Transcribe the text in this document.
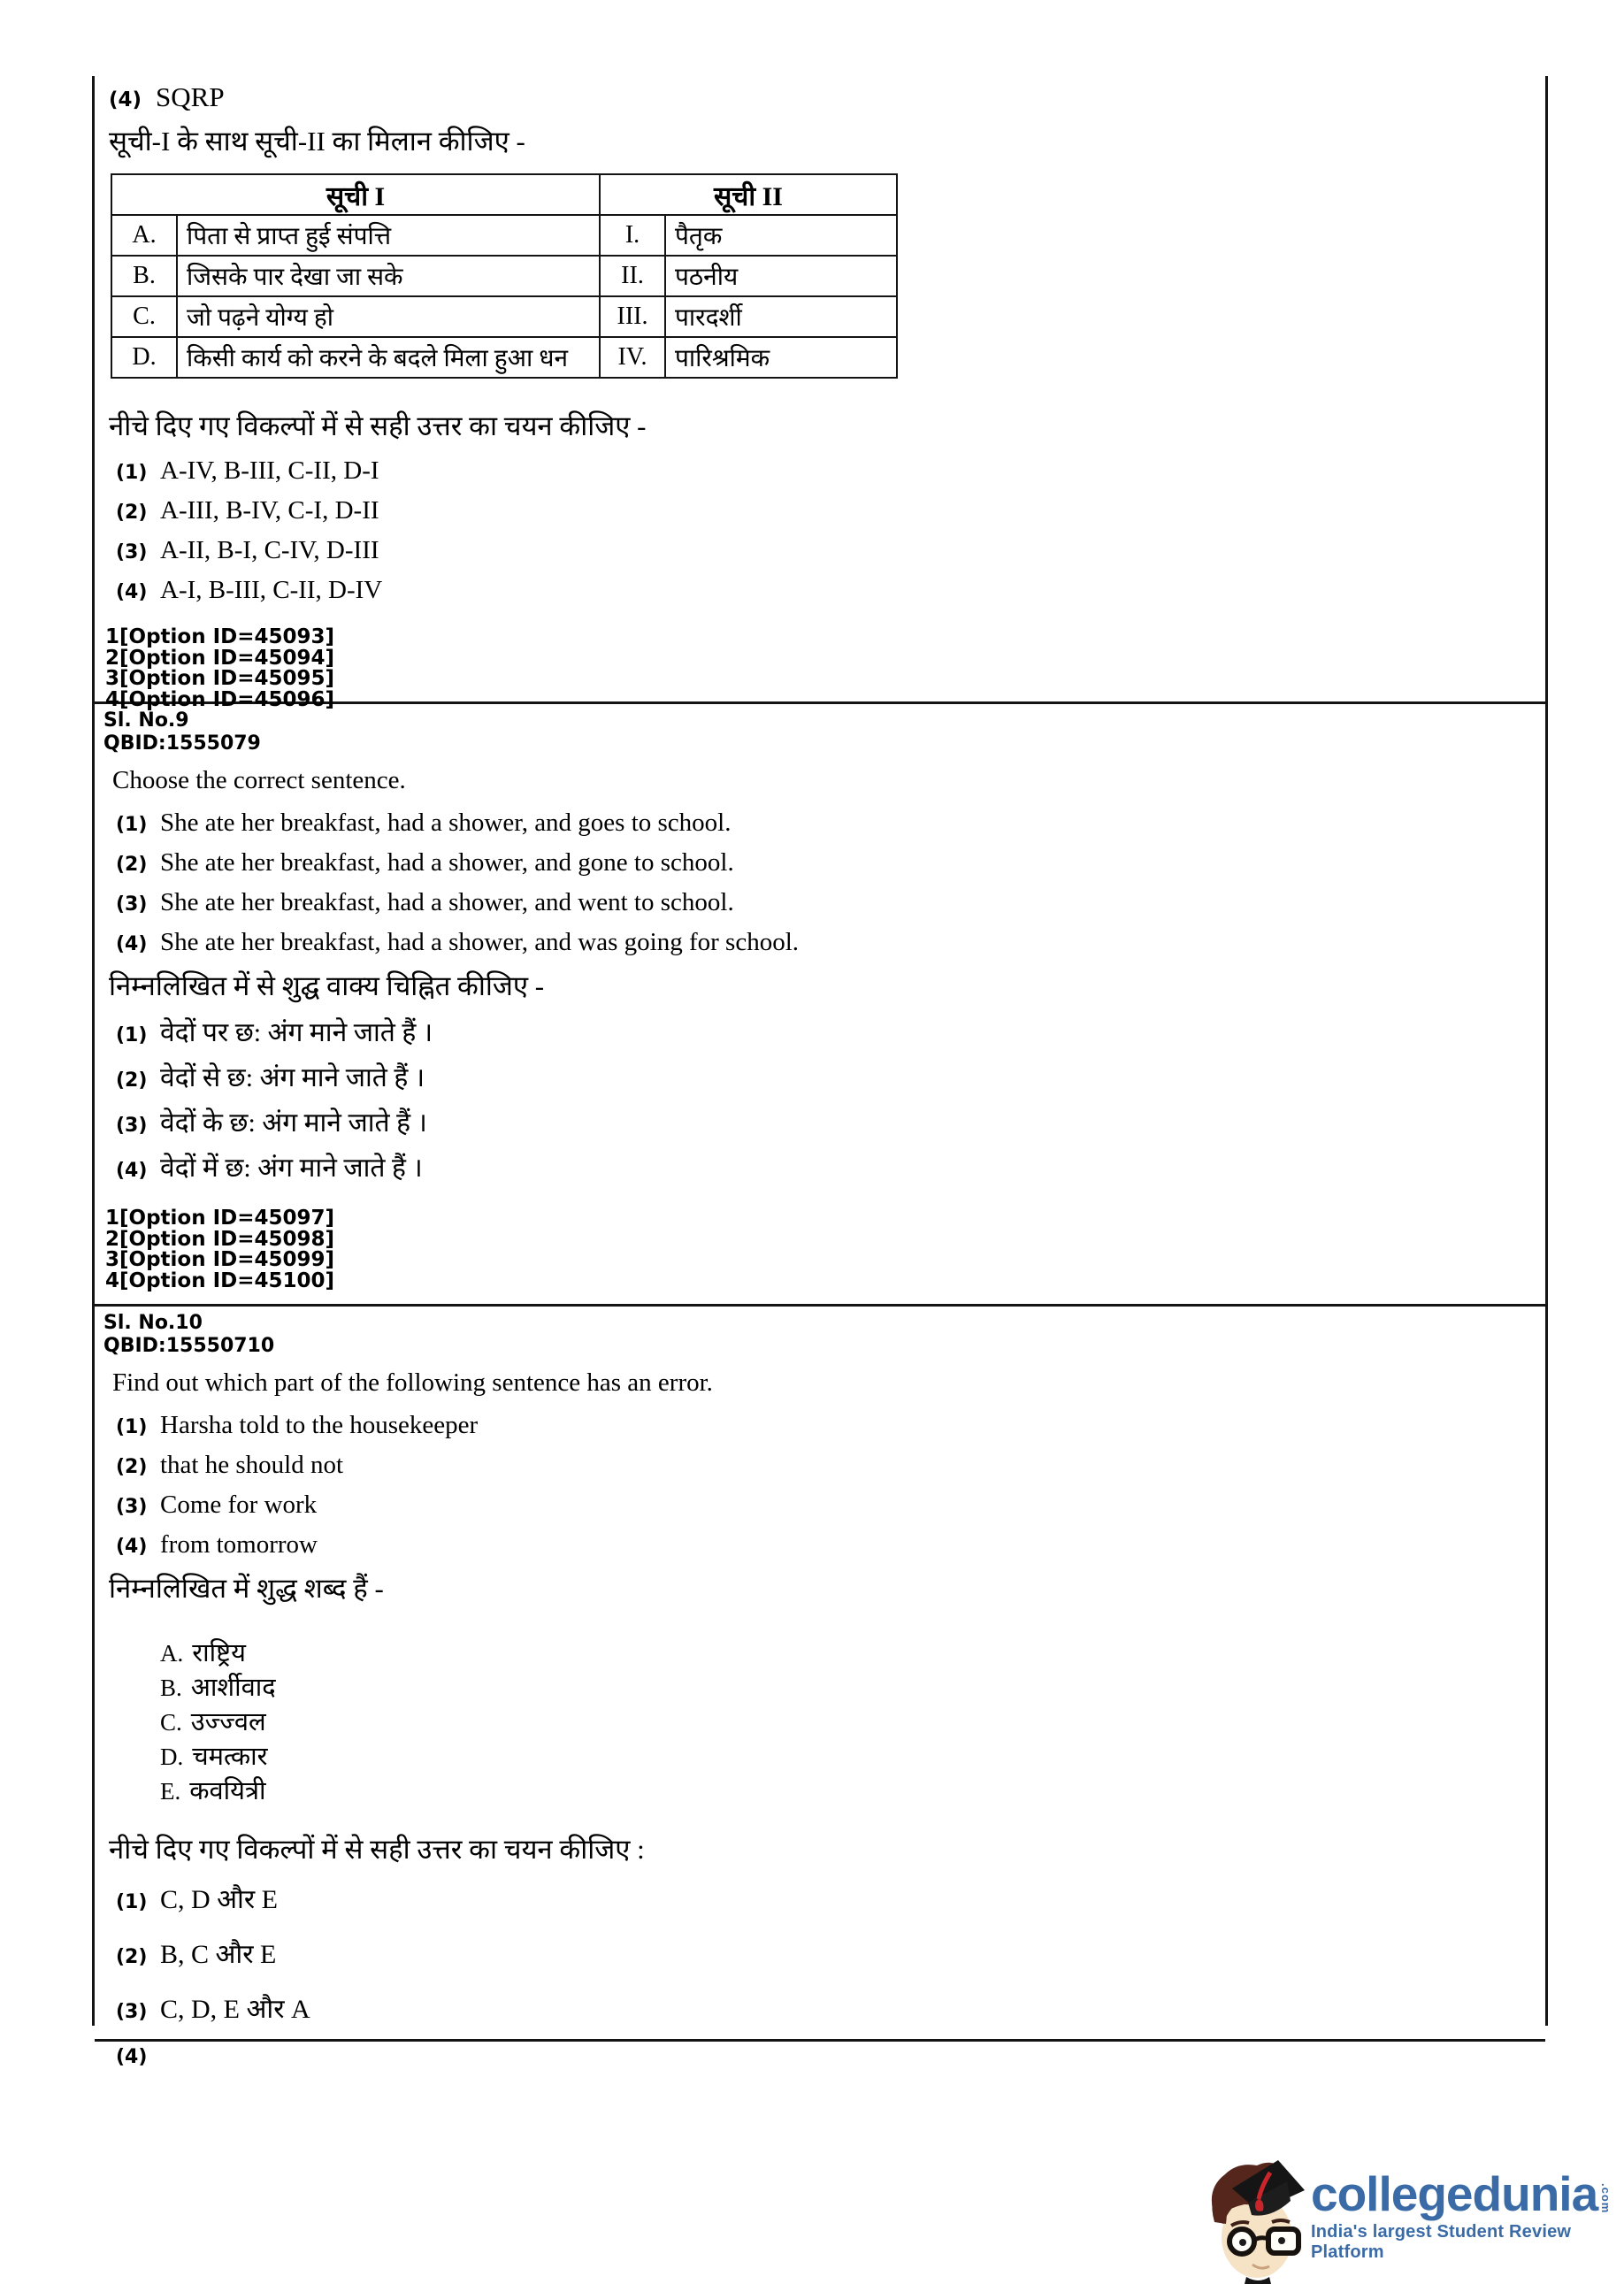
(4) SQRP
सूची-I के साथ सूची-II का मिलान कीजिए -
सूची I		सूची II	
A.	पिता से प्राप्त हुई संपत्ति	I.	पैतृक
B.	जिसके पार देखा जा सके	II.	पठनीय
C.	जो पढ़ने योग्य हो	III.	पारदर्शी
D.	किसी कार्य को करने के बदले मिला हुआ धन	IV.	पारिश्रमिक
नीचे दिए गए विकल्पों में से सही उत्तर का चयन कीजिए -
(1) A-IV, B-III, C-II, D-I
(2) A-III, B-IV, C-I, D-II
(3) A-II, B-I, C-IV, D-III
(4) A-I, B-III, C-II, D-IV
1[Option ID=45093]
2[Option ID=45094]
3[Option ID=45095]
4[Option ID=45096]
Sl. No.9
QBID:1555079
Choose the correct sentence.
(1) She ate her breakfast, had a shower, and goes to school.
(2) She ate her breakfast, had a shower, and gone to school.
(3) She ate her breakfast, had a shower, and went to school.
(4) She ate her breakfast, had a shower, and was going for school.
निम्नलिखित में से शुद्घ वाक्य चिह्नित कीजिए -
(1) वेदों पर छ: अंग माने जाते हैं ।
(2) वेदों से छ: अंग माने जाते हैं ।
(3) वेदों के छ: अंग माने जाते हैं ।
(4) वेदों में छ: अंग माने जाते हैं ।
1[Option ID=45097]
2[Option ID=45098]
3[Option ID=45099]
4[Option ID=45100]
Sl. No.10
QBID:15550710
Find out which part of the following sentence has an error.
(1) Harsha told to the housekeeper
(2) that he should not
(3) Come for work
(4) from tomorrow
निम्नलिखित में शुद्ध शब्द हैं -
A. राष्ट्रिय
B. आर्शीवाद
C. उज्ज्वल
D. चमत्कार
E. कवयित्री
नीचे दिए गए विकल्पों में से सही उत्तर का चयन कीजिए :
(1) C, D और E
(2) B, C और E
(3) C, D, E और A
(4)
collegedunia .com
India's largest Student Review Platform
